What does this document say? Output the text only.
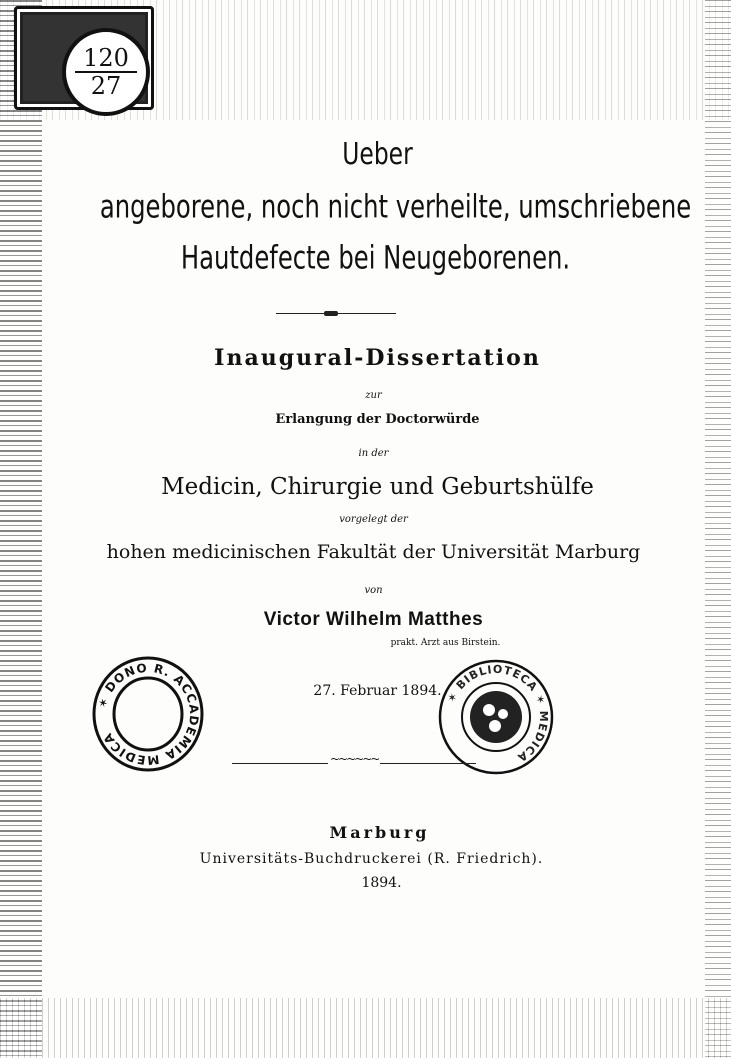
120
27
Ueber
angeborene, noch nicht verheilte, umschriebene
Hautdefecte bei Neugeborenen.
Inaugural-Dissertation
zur
Erlangung der Doctorwürde
in der
Medicin, Chirurgie und Geburtshülfe
vorgelegt der
hohen medicinischen Fakultät der Universität Marburg
von
Victor Wilhelm Matthes
prakt. Arzt aus Birstein.
27. Februar 1894.
✶ DONO R. ACCADEMIA MEDICA
✶ BIBLIOTECA ✶ MEDICA
~~~~~~
Marburg
Universitäts-Buchdruckerei (R. Friedrich).
1894.
